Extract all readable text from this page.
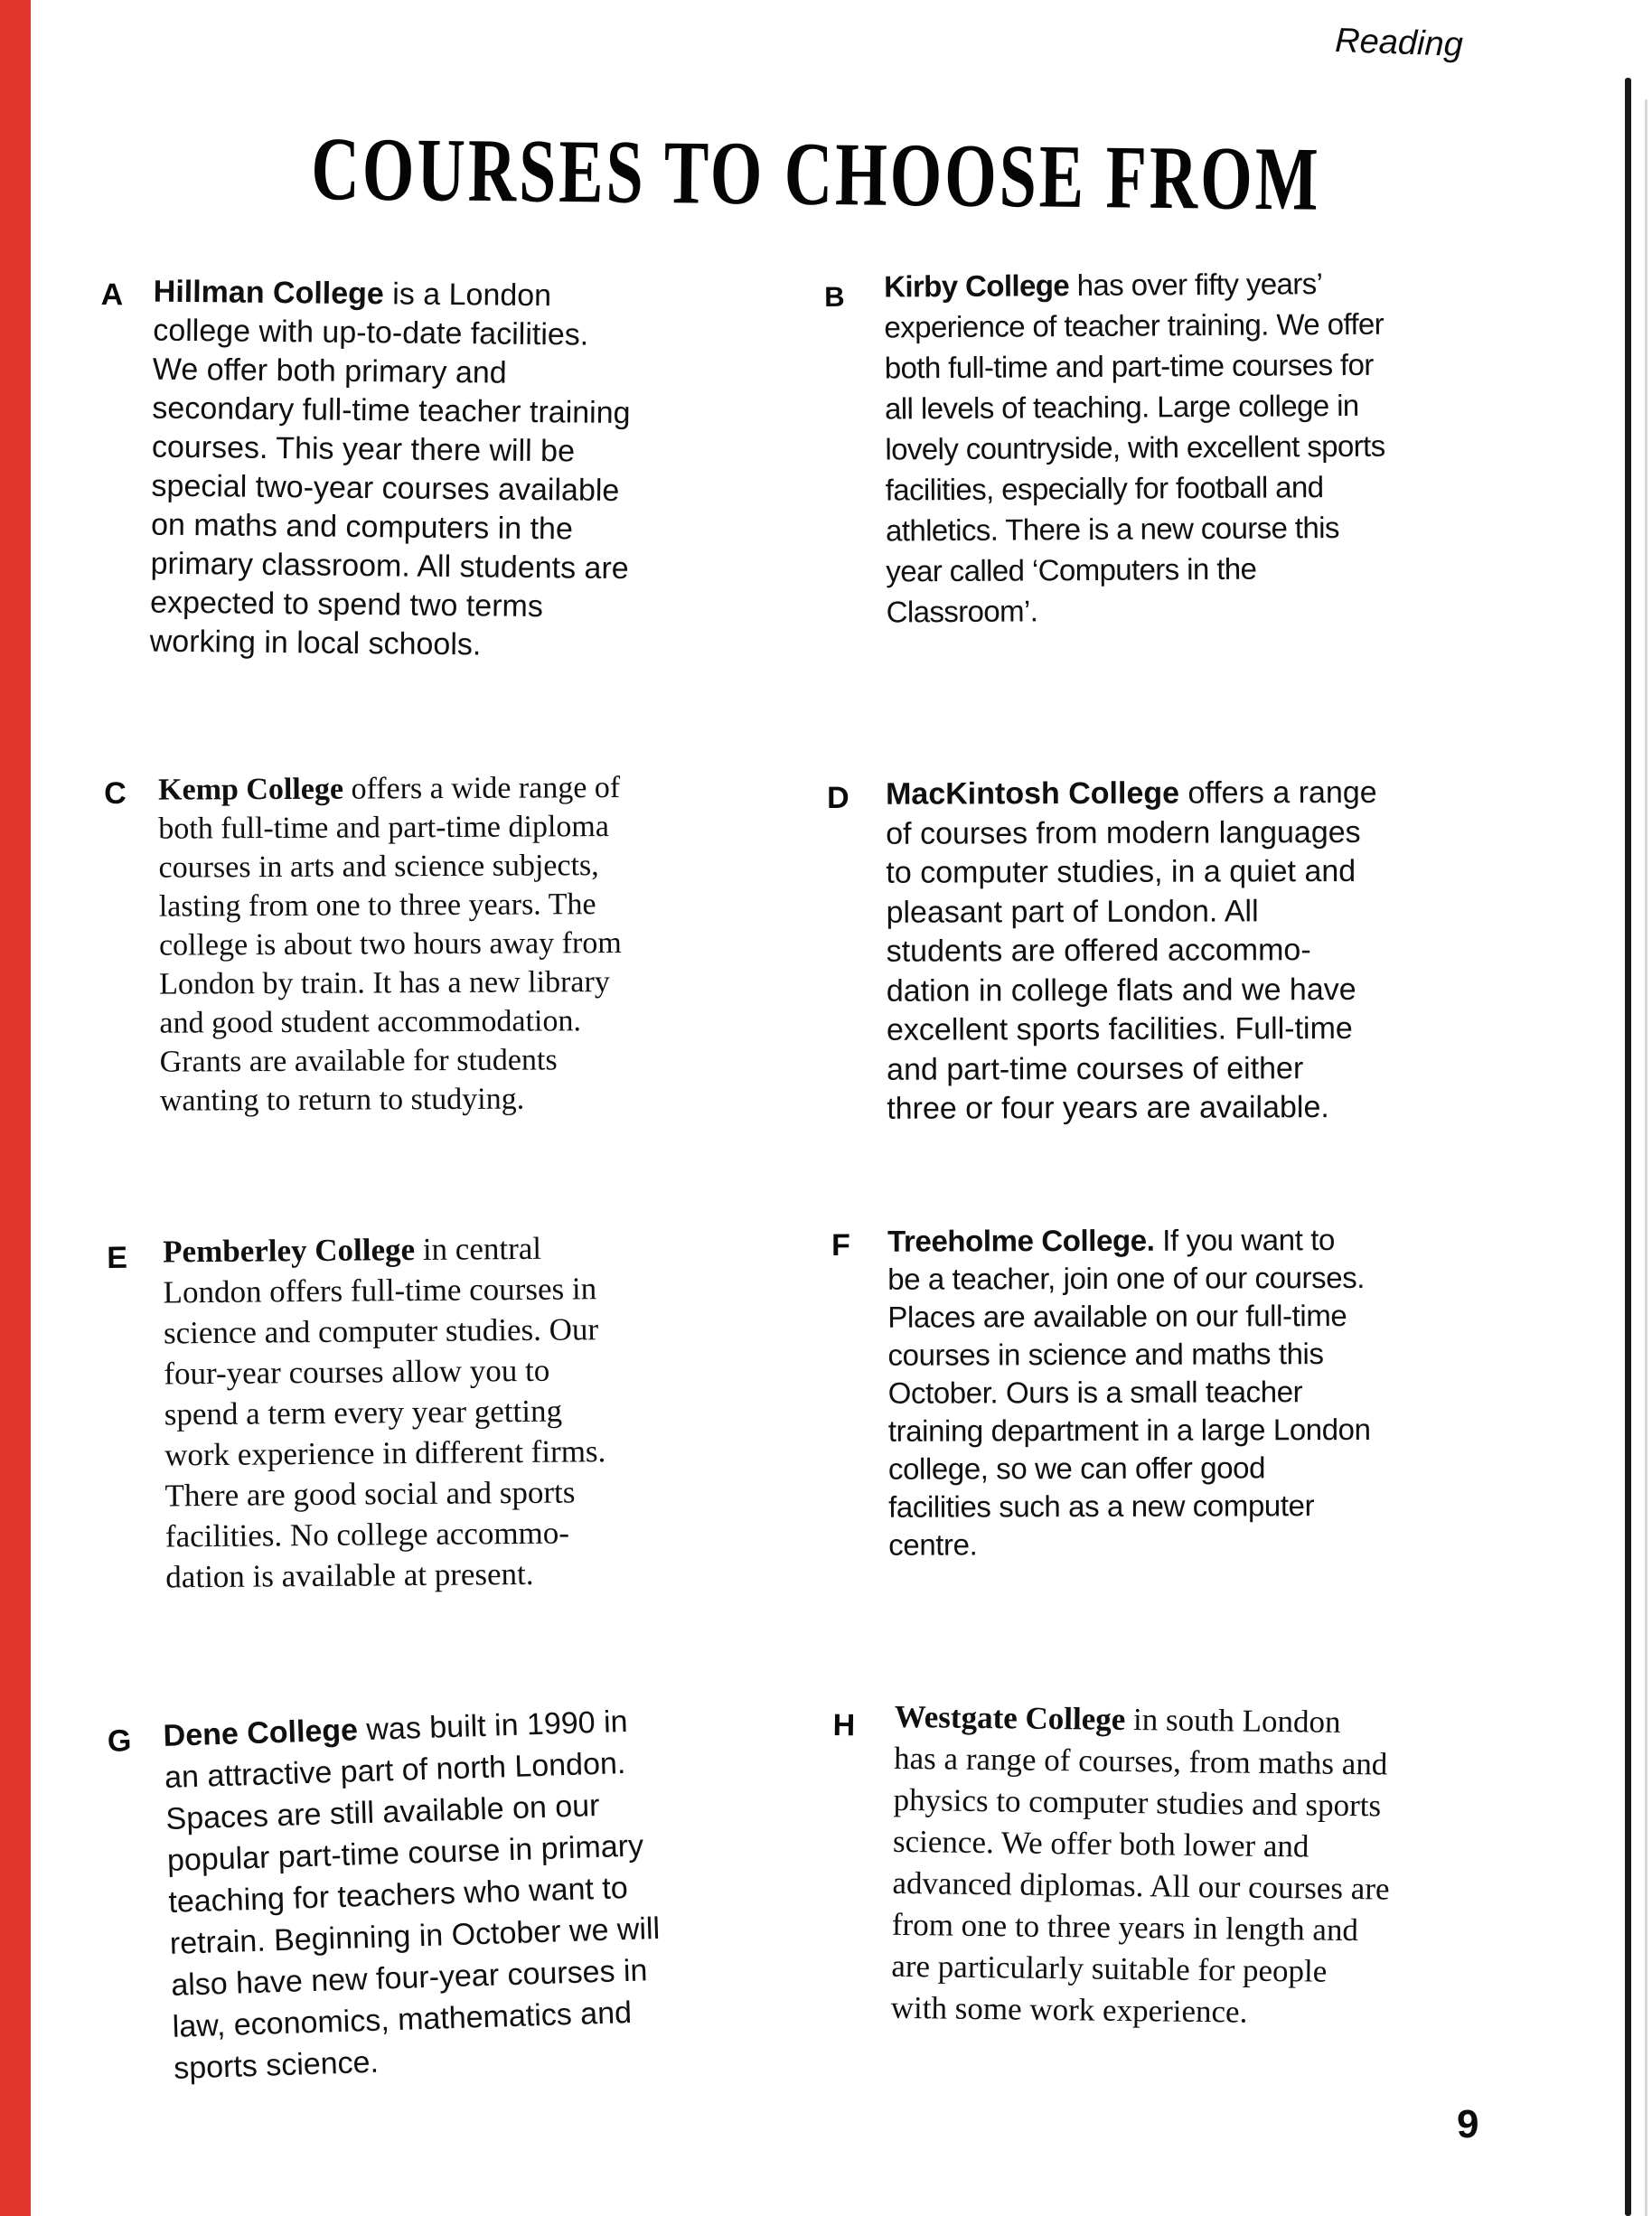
Reading
COURSES TO CHOOSE FROM
A Hillman College is a London
college with up-to-date facilities.
We offer both primary and
secondary full-time teacher training
courses. This year there will be
special two-year courses available
on maths and computers in the
primary classroom. All students are
expected to spend two terms
working in local schools.

B	Kirby College has over fifty years’
experience of teacher training. We offer
both full-time and part-time courses for
all levels of teaching. Large college in
lovely countryside, with excellent sports
facilities, especially for football and
athletics. There is a new course this
year called ‘Computers in the
Classroom’.

C	Kemp College offers a wide range of
both full-time and part-time diploma
courses in arts and science subjects,
lasting from one to three years. The
college is about two hours away from
London by train. It has a new library
and good student accommodation.
Grants are available for students
wanting to return to studying.

D	MacKintosh College offers a range
of courses from modern languages
to computer studies, in a quiet and
pleasant part of London. All
students are offered accommo-
dation in college flats and we have
excellent sports facilities. Full-time
and part-time courses of either
three or four years are available.

E	Pemberley College in central
London offers full-time courses in
science and computer studies. Our
four-year courses allow you to
spend a term every year getting
work experience in different firms.
There are good social and sports
facilities. No college accommo-
dation is available at present.

F	Treeholme College. If you want to
be a teacher, join one of our courses.
Places are available on our full-time
courses in science and maths this
October. Ours is a small teacher
training department in a large London
college, so we can offer good
facilities such as a new computer
centre.

G	Dene College was built in 1990 in
an attractive part of north London.
Spaces are still available on our
popular part-time course in primary
teaching for teachers who want to
retrain. Beginning in October we will
also have new four-year courses in
law, economics, mathematics and
sports science.

H	Westgate College in south London
has a range of courses, from maths and
physics to computer studies and sports
science. We offer both lower and
advanced diplomas. All our courses are
from one to three years in length and
are particularly suitable for people
with some work experience.

9
